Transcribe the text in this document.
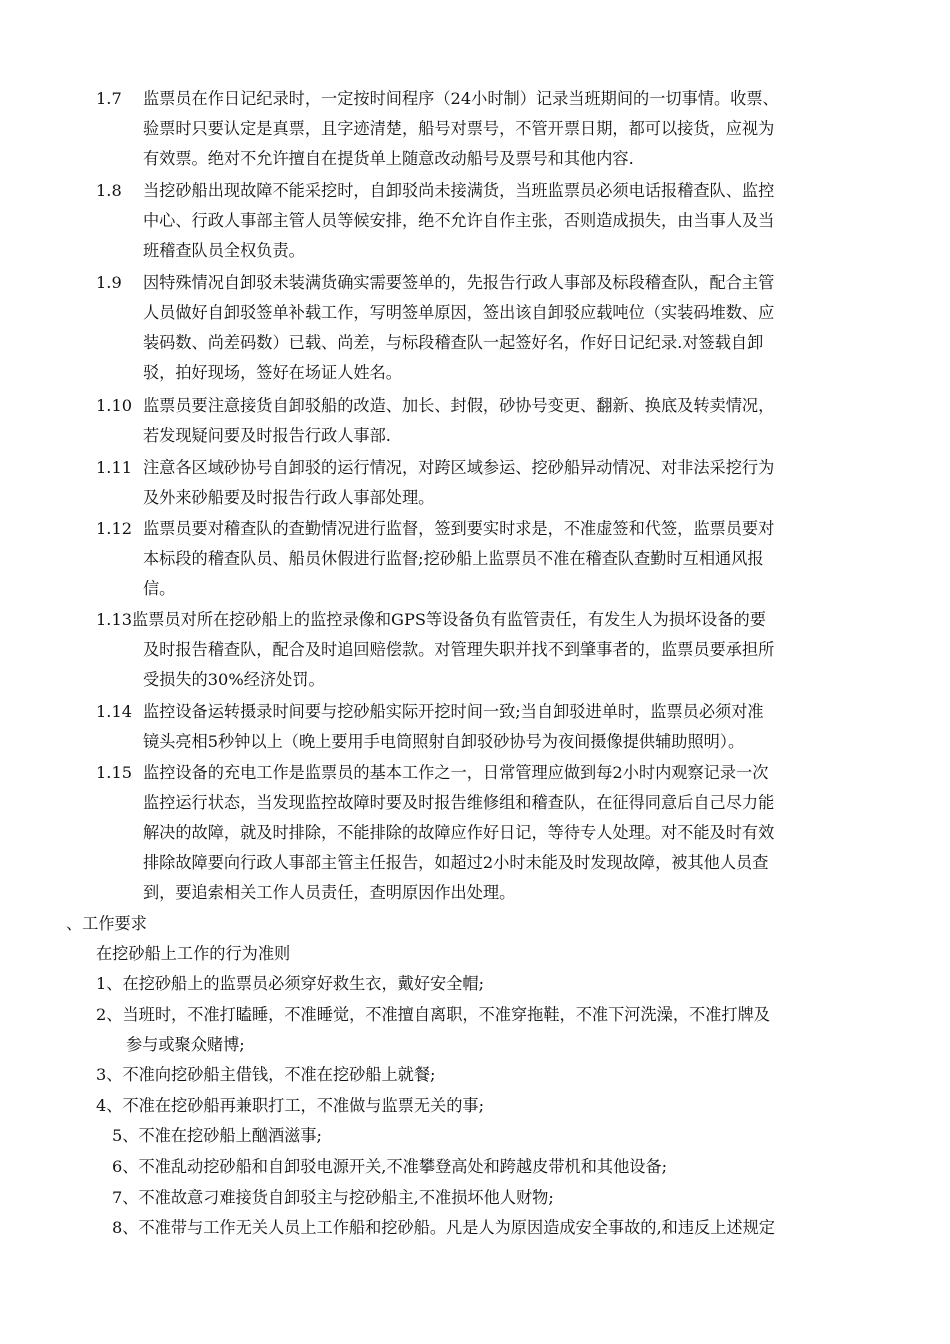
1.7 监票员在作日记纪录时，一定按时间程序（24小时制）记录当班期间的一切事情。收票、
验票时只要认定是真票，且字迹清楚，船号对票号，不管开票日期，都可以接货，应视为
有效票。绝对不允许擅自在提货单上随意改动船号及票号和其他内容.
1.8 当挖砂船出现故障不能采挖时，自卸驳尚未接满货，当班监票员必须电话报稽查队、监控
中心、行政人事部主管人员等候安排，绝不允许自作主张，否则造成损失，由当事人及当
班稽查队员全权负责。
1.9 因特殊情况自卸驳未装满货确实需要签单的，先报告行政人事部及标段稽查队，配合主管
人员做好自卸驳签单补载工作，写明签单原因，签出该自卸驳应载吨位（实装码堆数、应
装码数、尚差码数）已载、尚差，与标段稽查队一起签好名，作好日记纪录.对签载自卸
驳，拍好现场，签好在场证人姓名。
1.10 监票员要注意接货自卸驳船的改造、加长、封假，砂协号变更、翻新、换底及转卖情况，
若发现疑问要及时报告行政人事部.
1.11 注意各区域砂协号自卸驳的运行情况，对跨区域参运、挖砂船异动情况、对非法采挖行为
及外来砂船要及时报告行政人事部处理。
1.12 监票员要对稽查队的查勤情况进行监督，签到要实时求是，不准虚签和代签，监票员要对
本标段的稽查队员、船员休假进行监督;挖砂船上监票员不准在稽查队查勤时互相通风报
信。
1.13监票员对所在挖砂船上的监控录像和GPS等设备负有监管责任，有发生人为损坏设备的要
及时报告稽查队，配合及时追回赔偿款。对管理失职并找不到肇事者的，监票员要承担所
受损失的30%经济处罚。
1.14 监控设备运转摄录时间要与挖砂船实际开挖时间一致;当自卸驳进单时，监票员必须对准
镜头亮相5秒钟以上（晚上要用手电筒照射自卸驳砂协号为夜间摄像提供辅助照明）。
1.15 监控设备的充电工作是监票员的基本工作之一，日常管理应做到每2小时内观察记录一次
监控运行状态，当发现监控故障时要及时报告维修组和稽查队，在征得同意后自己尽力能
解决的故障，就及时排除，不能排除的故障应作好日记，等待专人处理。对不能及时有效
排除故障要向行政人事部主管主任报告，如超过2小时未能及时发现故障，被其他人员查
到，要追索相关工作人员责任，查明原因作出处理。
、工作要求
在挖砂船上工作的行为准则
1、在挖砂船上的监票员必须穿好救生衣，戴好安全帽;
2、当班时，不准打瞌睡，不准睡觉，不准擅自离职，不准穿拖鞋，不准下河洗澡，不准打牌及
参与或聚众赌博;
3、不准向挖砂船主借钱，不准在挖砂船上就餐;
4、不准在挖砂船再兼职打工，不准做与监票无关的事;
5、不准在挖砂船上酗酒滋事;
6、不准乱动挖砂船和自卸驳电源开关,不准攀登高处和跨越皮带机和其他设备;
7、不准故意刁难接货自卸驳主与挖砂船主,不准损坏他人财物;
8、不准带与工作无关人员上工作船和挖砂船。凡是人为原因造成安全事故的,和违反上述规定
